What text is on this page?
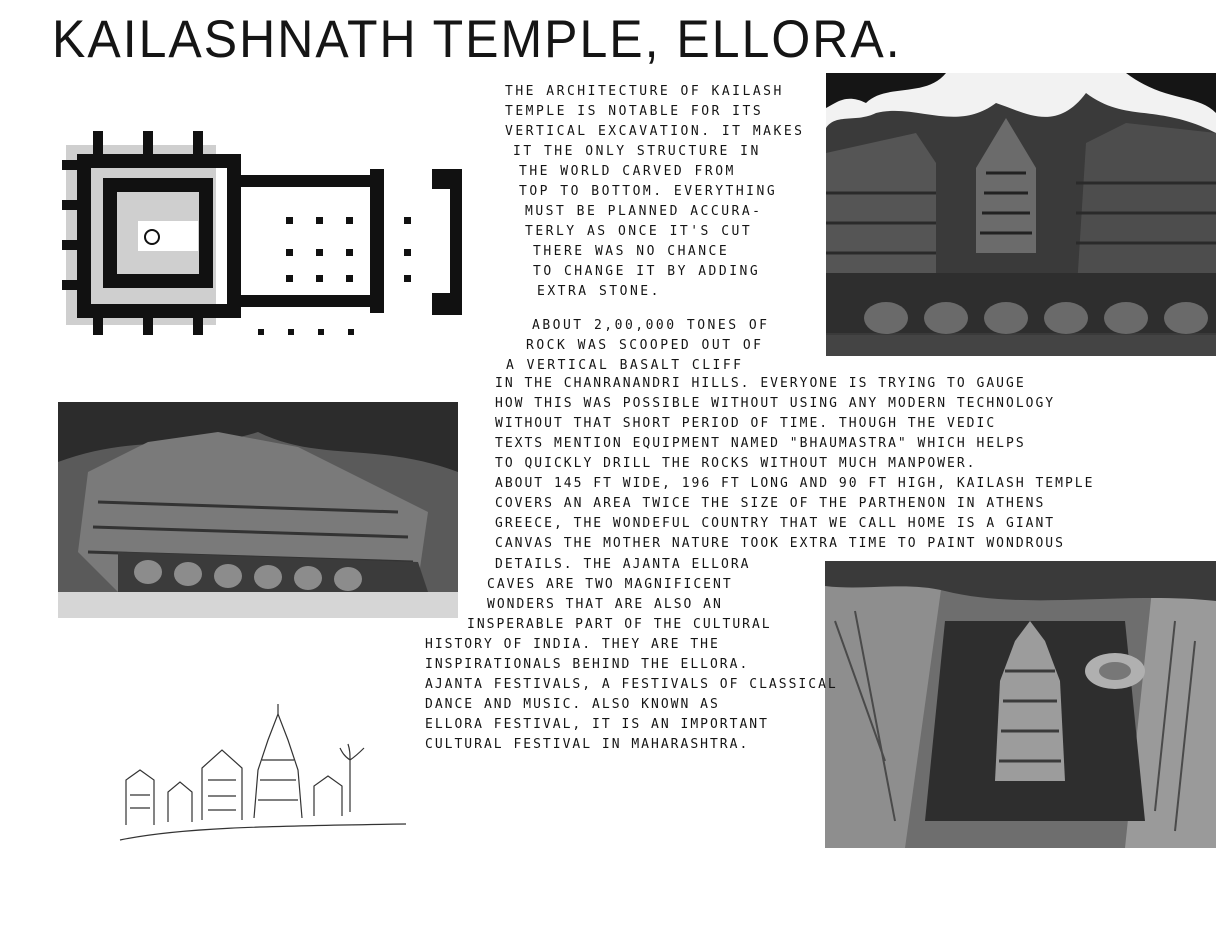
KAILASHNATH TEMPLE, ELLORA.
THE ARCHITECTURE OF KAILASH
TEMPLE IS NOTABLE FOR ITS
VERTICAL EXCAVATION. IT MAKES
IT THE ONLY STRUCTURE IN
THE WORLD CARVED FROM
TOP TO BOTTOM. EVERYTHING
MUST BE PLANNED ACCURA-
TERLY AS ONCE IT'S CUT
THERE WAS NO CHANCE
TO CHANGE IT BY ADDING
EXTRA STONE.
ABOUT 2,00,000 TONES OF
ROCK WAS SCOOPED OUT OF
A VERTICAL BASALT CLIFF
IN THE CHANRANANDRI HILLS. EVERYONE IS TRYING TO GAUGE
HOW THIS WAS POSSIBLE WITHOUT USING ANY MODERN TECHNOLOGY
WITHOUT THAT SHORT PERIOD OF TIME. THOUGH THE VEDIC
TEXTS MENTION EQUIPMENT NAMED "BHAUMASTRA" WHICH HELPS
TO QUICKLY DRILL THE ROCKS WITHOUT MUCH MANPOWER.
ABOUT 145 FT WIDE, 196 FT LONG AND 90 FT HIGH, KAILASH TEMPLE
COVERS AN AREA TWICE THE SIZE OF THE PARTHENON IN ATHENS
GREECE, THE WONDEFUL COUNTRY THAT WE CALL HOME IS A GIANT
CANVAS THE MOTHER NATURE TOOK EXTRA TIME TO PAINT WONDROUS
DETAILS. THE AJANTA ELLORA
CAVES ARE TWO MAGNIFICENT
WONDERS THAT ARE ALSO AN
INSPERABLE PART OF THE CULTURAL
HISTORY OF INDIA. THEY ARE THE
INSPIRATIONALS BEHIND THE ELLORA.
AJANTA FESTIVALS, A FESTIVALS OF CLASSICAL
DANCE AND MUSIC. ALSO KNOWN AS
ELLORA FESTIVAL, IT IS AN IMPORTANT
CULTURAL FESTIVAL IN MAHARASHTRA.
